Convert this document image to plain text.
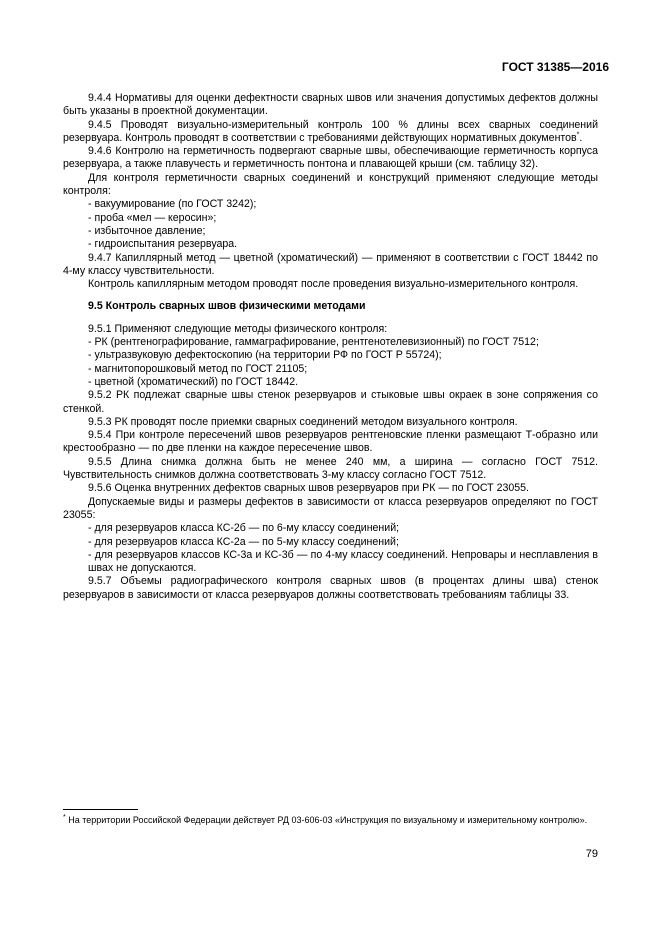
ГОСТ 31385—2016

9.4.4 Нормативы для оценки дефектности сварных швов или значения допустимых дефектов должны быть указаны в проектной документации.

9.4.5 Проводят визуально-измерительный контроль 100 % длины всех сварных соединений резервуара. Контроль проводят в соответствии с требованиями действующих нормативных документов*.

9.4.6 Контролю на герметичность подвергают сварные швы, обеспечивающие герметичность корпуса резервуара, а также плавучесть и герметичность понтона и плавающей крыши (см. таблицу 32).

Для контроля герметичности сварных соединений и конструкций применяют следующие методы контроля:

- вакуумирование (по ГОСТ 3242);

- проба «мел — керосин»;

- избыточное давление;

- гидроиспытания резервуара.

9.4.7 Капиллярный метод — цветной (хроматический) — применяют в соответствии с ГОСТ 18442 по 4-му классу чувствительности.

Контроль капиллярным методом проводят после проведения визуально-измерительного контроля.

9.5 Контроль сварных швов физическими методами

9.5.1 Применяют следующие методы физического контроля:

- РК (рентгенографирование, гаммаграфирование, рентгенотелевизионный) по ГОСТ 7512;

- ультразвуковую дефектоскопию (на территории РФ по ГОСТ Р 55724);

- магнитопорошковый метод по ГОСТ 21105;

- цветной (хроматический) по ГОСТ 18442.

9.5.2 РК подлежат сварные швы стенок резервуаров и стыковые швы окраек в зоне сопряжения со стенкой.

9.5.3 РК проводят после приемки сварных соединений методом визуального контроля.

9.5.4 При контроле пересечений швов резервуаров рентгеновские пленки размещают Т-образно или крестообразно — по две пленки на каждое пересечение швов.

9.5.5 Длина снимка должна быть не менее 240 мм, а ширина — согласно ГОСТ 7512. Чувствительность снимков должна соответствовать 3-му классу согласно ГОСТ 7512.

9.5.6 Оценка внутренних дефектов сварных швов резервуаров при РК — по ГОСТ 23055.

Допускаемые виды и размеры дефектов в зависимости от класса резервуаров определяют по ГОСТ 23055:

- для резервуаров класса КС-2б — по 6-му классу соединений;

- для резервуаров класса КС-2а — по 5-му классу соединений;

- для резервуаров классов КС-3а и КС-3б — по 4-му классу соединений. Непровары и несплавления в швах не допускаются.

9.5.7 Объемы радиографического контроля сварных швов (в процентах длины шва) стенок резервуаров в зависимости от класса резервуаров должны соответствовать требованиям таблицы 33.

* На территории Российской Федерации действует РД 03-606-03 «Инструкция по визуальному и измерительному контролю».
79
